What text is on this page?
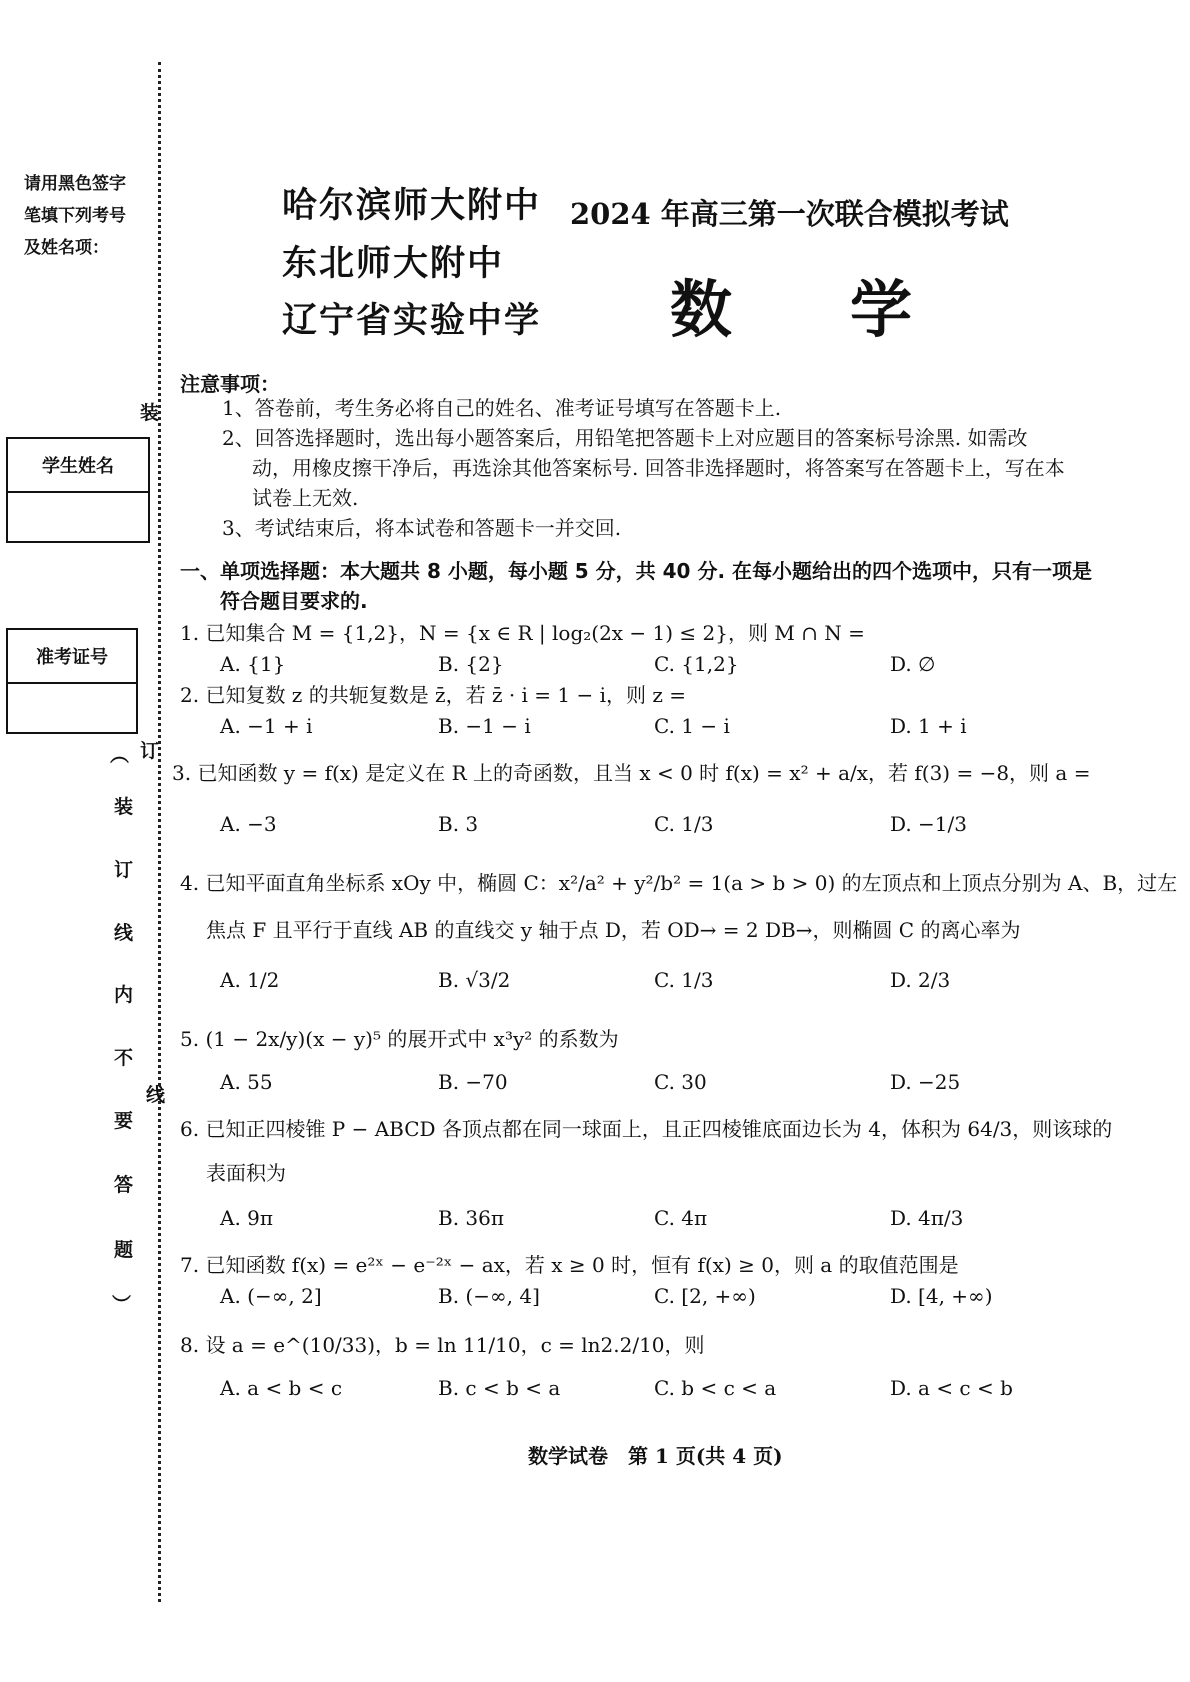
请用黑色签字
笔填下列考号
及姓名项：
学生姓名
准考证号
装
订
线
︵
装
订
线
内
不
要
答
题
︶
哈尔滨师大附中
东北师大附中
辽宁省实验中学
2024 年高三第一次联合模拟考试
数学
注意事项：
1、答卷前，考生务必将自己的姓名、准考证号填写在答题卡上.
2、回答选择题时，选出每小题答案后，用铅笔把答题卡上对应题目的答案标号涂黑. 如需改
动，用橡皮擦干净后，再选涂其他答案标号. 回答非选择题时，将答案写在答题卡上，写在本
试卷上无效.
3、考试结束后，将本试卷和答题卡一并交回.
一、单项选择题：本大题共 8 小题，每小题 5 分，共 40 分. 在每小题给出的四个选项中，只有一项是
符合题目要求的.
1. 已知集合 M = {1,2}，N = {x ∈ R | log₂(2x − 1) ≤ 2}，则 M ∩ N =
A. {1}	B. {2}	C. {1,2}	D. ∅
2. 已知复数 z 的共轭复数是 z̄，若 z̄ · i = 1 − i，则 z =
A. −1 + i	B. −1 − i	C. 1 − i	D. 1 + i
3. 已知函数 y = f(x) 是定义在 R 上的奇函数，且当 x < 0 时 f(x) = x² + a/x，若 f(3) = −8，则 a =
A. −3	B. 3	C. 1/3	D. −1/3
4. 已知平面直角坐标系 xOy 中，椭圆 C：x²/a² + y²/b² = 1(a > b > 0) 的左顶点和上顶点分别为 A、B，过左
焦点 F 且平行于直线 AB 的直线交 y 轴于点 D，若 OD→ = 2 DB→，则椭圆 C 的离心率为
A. 1/2	B. √3/2	C. 1/3	D. 2/3
5. (1 − 2x/y)(x − y)⁵ 的展开式中 x³y² 的系数为
A. 55	B. −70	C. 30	D. −25
6. 已知正四棱锥 P − ABCD 各顶点都在同一球面上，且正四棱锥底面边长为 4，体积为 64/3，则该球的
表面积为
A. 9π	B. 36π	C. 4π	D. 4π/3
7. 已知函数 f(x) = e²ˣ − e⁻²ˣ − ax，若 x ≥ 0 时，恒有 f(x) ≥ 0，则 a 的取值范围是
A. (−∞, 2]	B. (−∞, 4]	C. [2, +∞)	D. [4, +∞)
8. 设 a = e^(10/33)，b = ln 11/10，c = ln2.2/10，则
A. a < b < c	B. c < b < a	C. b < c < a	D. a < c < b
数学试卷　第 1 页(共 4 页)
